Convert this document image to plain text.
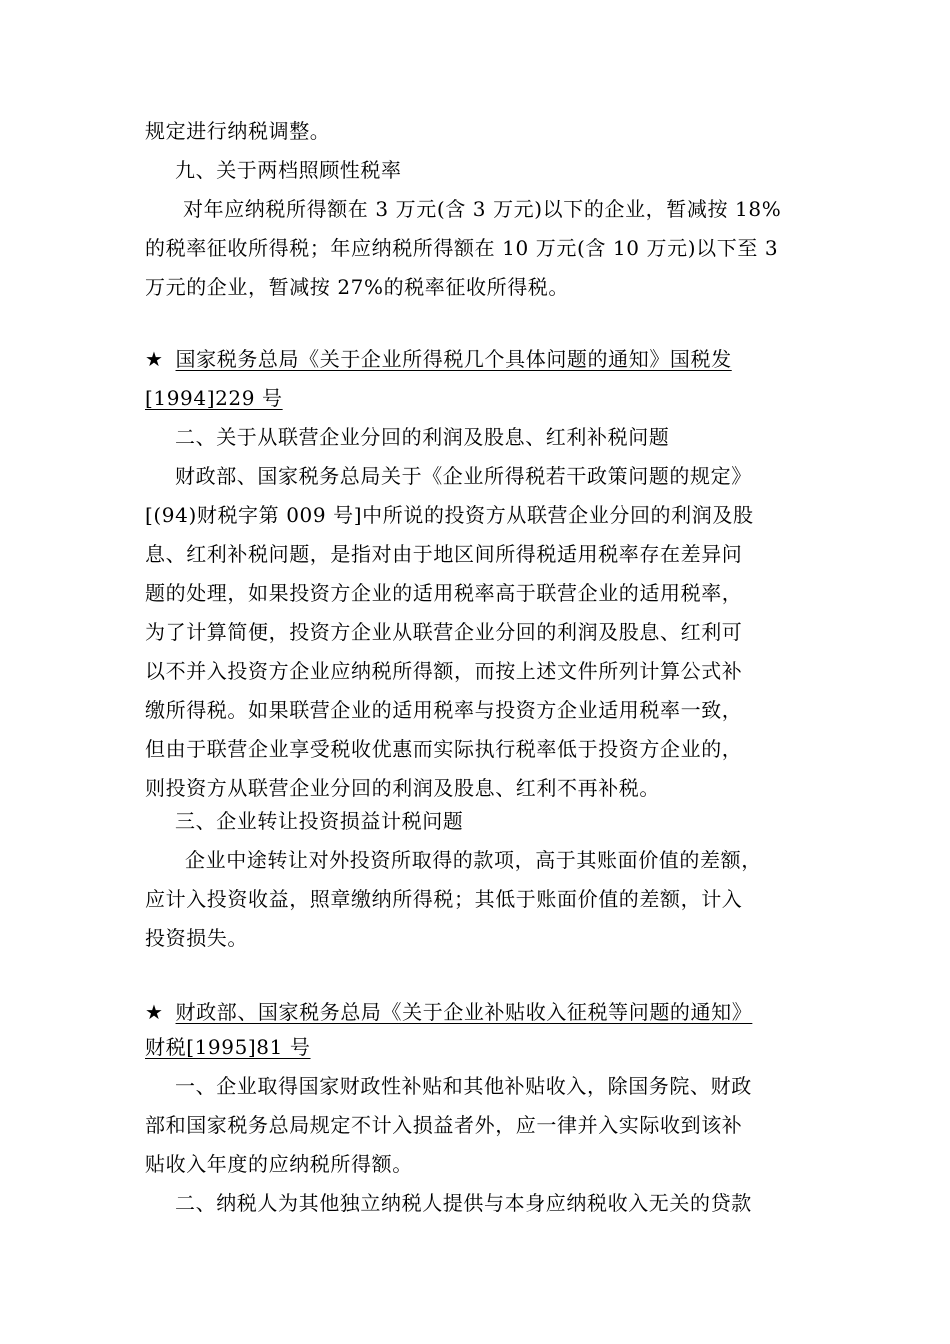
规定进行纳税调整。
九、关于两档照顾性税率
对年应纳税所得额在 3 万元(含 3 万元)以下的企业，暂减按 18%
的税率征收所得税；年应纳税所得额在 10 万元(含 10 万元)以下至 3
万元的企业，暂减按 27%的税率征收所得税。
★ 国家税务总局《关于企业所得税几个具体问题的通知》国税发
[1994]229 号
二、关于从联营企业分回的利润及股息、红利补税问题
财政部、国家税务总局关于《企业所得税若干政策问题的规定》
[(94)财税字第 009 号]中所说的投资方从联营企业分回的利润及股
息、红利补税问题，是指对由于地区间所得税适用税率存在差异问
题的处理，如果投资方企业的适用税率高于联营企业的适用税率，
为了计算简便，投资方企业从联营企业分回的利润及股息、红利可
以不并入投资方企业应纳税所得额，而按上述文件所列计算公式补
缴所得税。如果联营企业的适用税率与投资方企业适用税率一致，
但由于联营企业享受税收优惠而实际执行税率低于投资方企业的，
则投资方从联营企业分回的利润及股息、红利不再补税。
三、企业转让投资损益计税问题
企业中途转让对外投资所取得的款项，高于其账面价值的差额，
应计入投资收益，照章缴纳所得税；其低于账面价值的差额，计入
投资损失。
★ 财政部、国家税务总局《关于企业补贴收入征税等问题的通知》
财税[1995]81 号
一、企业取得国家财政性补贴和其他补贴收入，除国务院、财政
部和国家税务总局规定不计入损益者外，应一律并入实际收到该补
贴收入年度的应纳税所得额。
二、纳税人为其他独立纳税人提供与本身应纳税收入无关的贷款
